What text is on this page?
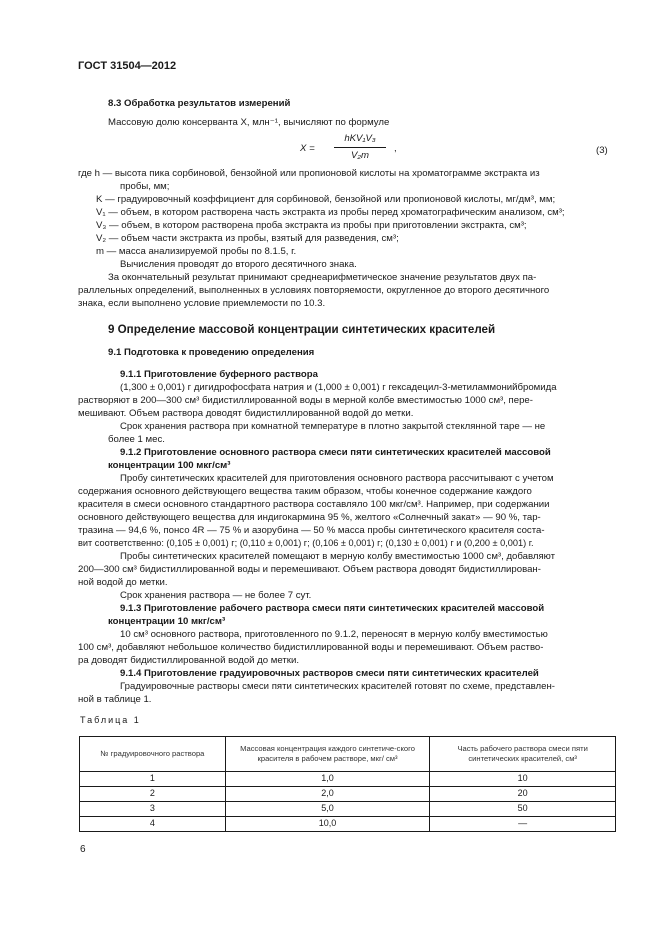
ГОСТ 31504—2012
8.3 Обработка результатов измерений
Массовую долю консерванта X, млн⁻¹, вычисляют по формуле
X =
hKV₁V₃
V₂m
,	(3)
где h — высота пика сорбиновой, бензойной или пропионовой кислоты на хроматограмме экстракта из
пробы, мм;
K — градуировочный коэффициент для сорбиновой, бензойной или пропионовой кислоты, мг/дм³, мм;
V₁ — объем, в котором растворена часть экстракта из пробы перед хроматографическим анализом, см³;
V₃ — объем, в котором растворена проба экстракта из пробы при приготовлении экстракта, см³;
V₂ — объем части экстракта из пробы, взятый для разведения, см³;
m — масса анализируемой пробы по 8.1.5, г.
Вычисления проводят до второго десятичного знака.
За окончательный результат принимают среднеарифметическое значение результатов двух па-
раллельных определений, выполненных в условиях повторяемости, округленное до второго десятичного
знака, если выполнено условие приемлемости по 10.3.
9 Определение массовой концентрации синтетических красителей
9.1 Подготовка к проведению определения
9.1.1 Приготовление буферного раствора
(1,300 ± 0,001) г дигидрофосфата натрия и (1,000 ± 0,001) г гексадецил-3-метиламмонийбромида
растворяют в 200—300 см³ бидистиллированной воды в мерной колбе вместимостью 1000 см³, пере-
мешивают. Объем раствора доводят бидистиллированной водой до метки.
Срок хранения раствора при комнатной температуре в плотно закрытой стеклянной таре — не
более 1 мес.
9.1.2 Приготовление основного раствора смеси пяти синтетических красителей массовой
концентрации 100 мкг/см³
Пробу синтетических красителей для приготовления основного раствора рассчитывают с учетом
содержания основного действующего вещества таким образом, чтобы конечное содержание каждого
красителя в смеси основного стандартного раствора составляло 100 мкг/см³. Например, при содержании
основного действующего вещества для индигокармина 95 %, желтого «Солнечный закат» — 90 %, тар-
тразина — 94,6 %, понсо 4R — 75 % и азорубина — 50 % масса пробы синтетического красителя соста-
вит соответственно: (0,105 ± 0,001) г; (0,110 ± 0,001) г; (0,106 ± 0,001) г; (0,130 ± 0,001) г и (0,200 ± 0,001) г.
Пробы синтетических красителей помещают в мерную колбу вместимостью 1000 см³, добавляют
200—300 см³ бидистиллированной воды и перемешивают. Объем раствора доводят бидистиллирован-
ной водой до метки.
Срок хранения раствора — не более 7 сут.
9.1.3 Приготовление рабочего раствора смеси пяти синтетических красителей массовой
концентрации 10 мкг/см³
10 см³ основного раствора, приготовленного по 9.1.2, переносят в мерную колбу вместимостью
100 см³, добавляют небольшое количество бидистиллированной воды и перемешивают. Объем раство-
ра доводят бидистиллированной водой до метки.
9.1.4 Приготовление градуировочных растворов смеси пяти синтетических красителей
Градуировочные растворы смеси пяти синтетических красителей готовят по схеме, представлен-
ной в таблице 1.
Таблица 1
№ градуировочного раствора	Массовая концентрация каждого синтетиче-ского красителя в рабочем растворе, мкг/ см³	Часть рабочего раствора смеси пяти синтетических красителей, см³
1	1,0	10
2	2,0	20
3	5,0	50
4	10,0	—
6
